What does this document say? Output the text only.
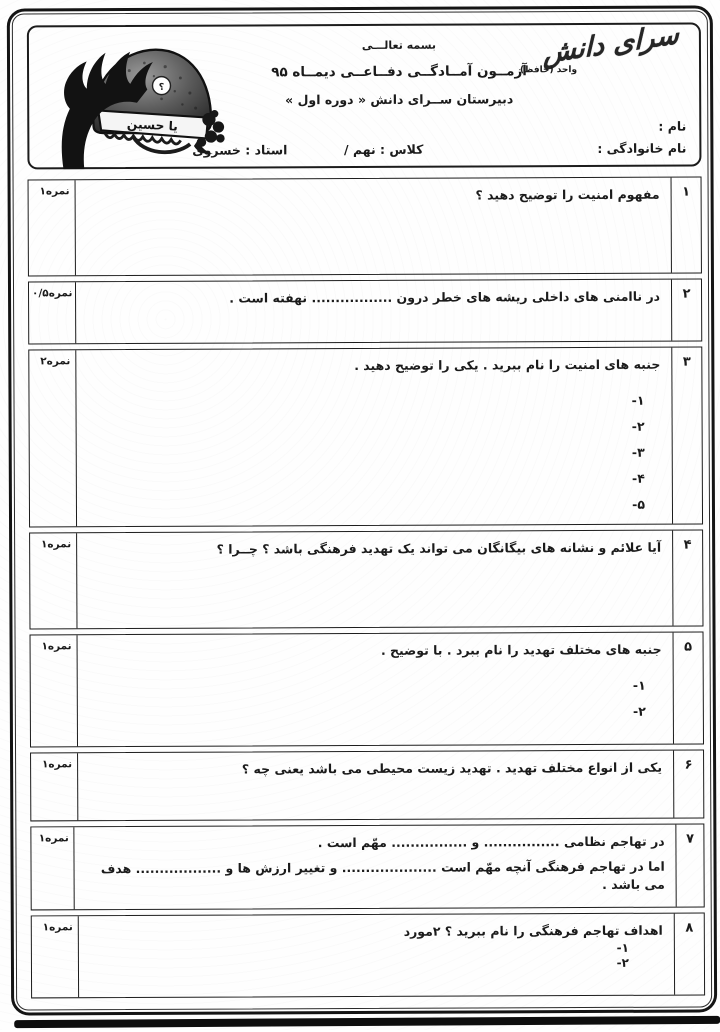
؟
یا حسین
سرای دانش
واحد (حافظ)
بسمه تعالـــی
آزمــون آمــادگــی دفــاعــی دیمــاه ۹۵
دبیرستان ســرای دانش « دوره اول »
نام :
نام خانوادگی :
کلاس : نهم /
استاد : خسروی
۱
مفهوم امنیت را توضیح دهید ؟
۱نمره
۲
در ناامنی های داخلی ریشه های خطر درون ................. نهفته است .
۰/۵نمره
۳
جنبه های امنیت را نام ببرید . یکی را توضیح دهید .
۱-
۲-
۳-
۴-
۵-
۲نمره
۴
آیا علائم و نشانه های بیگانگان می تواند یک تهدید فرهنگی باشد ؟ چــرا ؟
۱نمره
۵
جنبه های مختلف تهدید را نام ببرد . با توضیح .
۱-
۲-
۱نمره
۶
یکی از انواع مختلف تهدید . تهدید زیست محیطی می باشد یعنی چه ؟
۱نمره
۷
در تهاجم نظامی ................ و ................ مهّم است .
اما در تهاجم فرهنگی آنچه مهّم است .................... و تغییر ارزش ها و .................. هدف می باشد .
۱نمره
۸
اهداف تهاجم فرهنگی را نام ببرید ؟ ۲مورد
۱-
۲-
۱نمره
